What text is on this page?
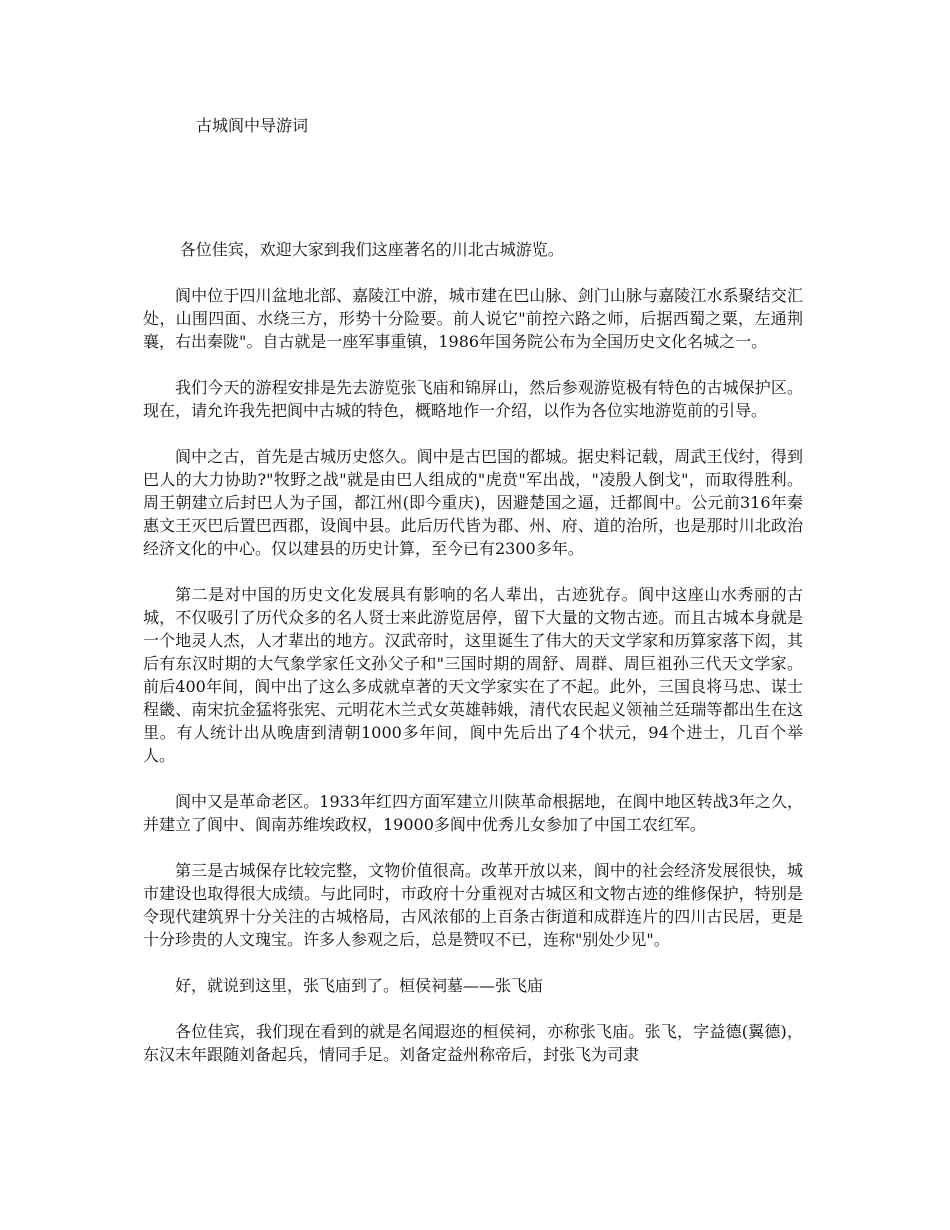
古城阆中导游词

各位佳宾，欢迎大家到我们这座著名的川北古城游览。

阆中位于四川盆地北部、嘉陵江中游，城市建在巴山脉、剑门山脉与嘉陵江水系聚结交汇处，山围四面、水绕三方，形势十分险要。前人说它"前控六路之师，后据西蜀之粟，左通荆襄，右出秦陇"。自古就是一座军事重镇，1986年国务院公布为全国历史文化名城之一。

我们今天的游程安排是先去游览张飞庙和锦屏山，然后参观游览极有特色的古城保护区。现在，请允许我先把阆中古城的特色，概略地作一介绍，以作为各位实地游览前的引导。

阆中之古，首先是古城历史悠久。阆中是古巴国的都城。据史料记载，周武王伐纣，得到巴人的大力协助?"牧野之战"就是由巴人组成的"虎贲"军出战，"凌殷人倒戈"，而取得胜利。周王朝建立后封巴人为子国，都江州(即今重庆)，因避楚国之逼，迁都阆中。公元前316年秦惠文王灭巴后置巴西郡，设阆中县。此后历代皆为郡、州、府、道的治所，也是那时川北政治经济文化的中心。仅以建县的历史计算，至今已有2300多年。

第二是对中国的历史文化发展具有影响的名人辈出，古迹犹存。阆中这座山水秀丽的古城，不仅吸引了历代众多的名人贤士来此游览居停，留下大量的文物古迹。而且古城本身就是一个地灵人杰，人才辈出的地方。汉武帝时，这里诞生了伟大的天文学家和历算家落下闳，其后有东汉时期的大气象学家任文孙父子和"三国时期的周舒、周群、周巨祖孙三代天文学家。前后400年间，阆中出了这么多成就卓著的天文学家实在了不起。此外，三国良将马忠、谋士程畿、南宋抗金猛将张宪、元明花木兰式女英雄韩娥，清代农民起义领袖兰廷瑞等都出生在这里。有人统计出从晚唐到清朝1000多年间，阆中先后出了4个状元，94个进士，几百个举人。

阆中又是革命老区。1933年红四方面军建立川陕革命根据地，在阆中地区转战3年之久，并建立了阆中、阆南苏维埃政权，19000多阆中优秀儿女参加了中国工农红军。

第三是古城保存比较完整，文物价值很高。改革开放以来，阆中的社会经济发展很快，城市建设也取得很大成绩。与此同时，市政府十分重视对古城区和文物古迹的维修保护，特别是令现代建筑界十分关注的古城格局，古风浓郁的上百条古街道和成群连片的四川古民居，更是十分珍贵的人文瑰宝。许多人参观之后，总是赞叹不已，连称"别处少见"。

好，就说到这里，张飞庙到了。桓侯祠墓——张飞庙

各位佳宾，我们现在看到的就是名闻遐迩的桓侯祠，亦称张飞庙。张飞，字益德(翼德)，东汉末年跟随刘备起兵，情同手足。刘备定益州称帝后，封张飞为司隶
